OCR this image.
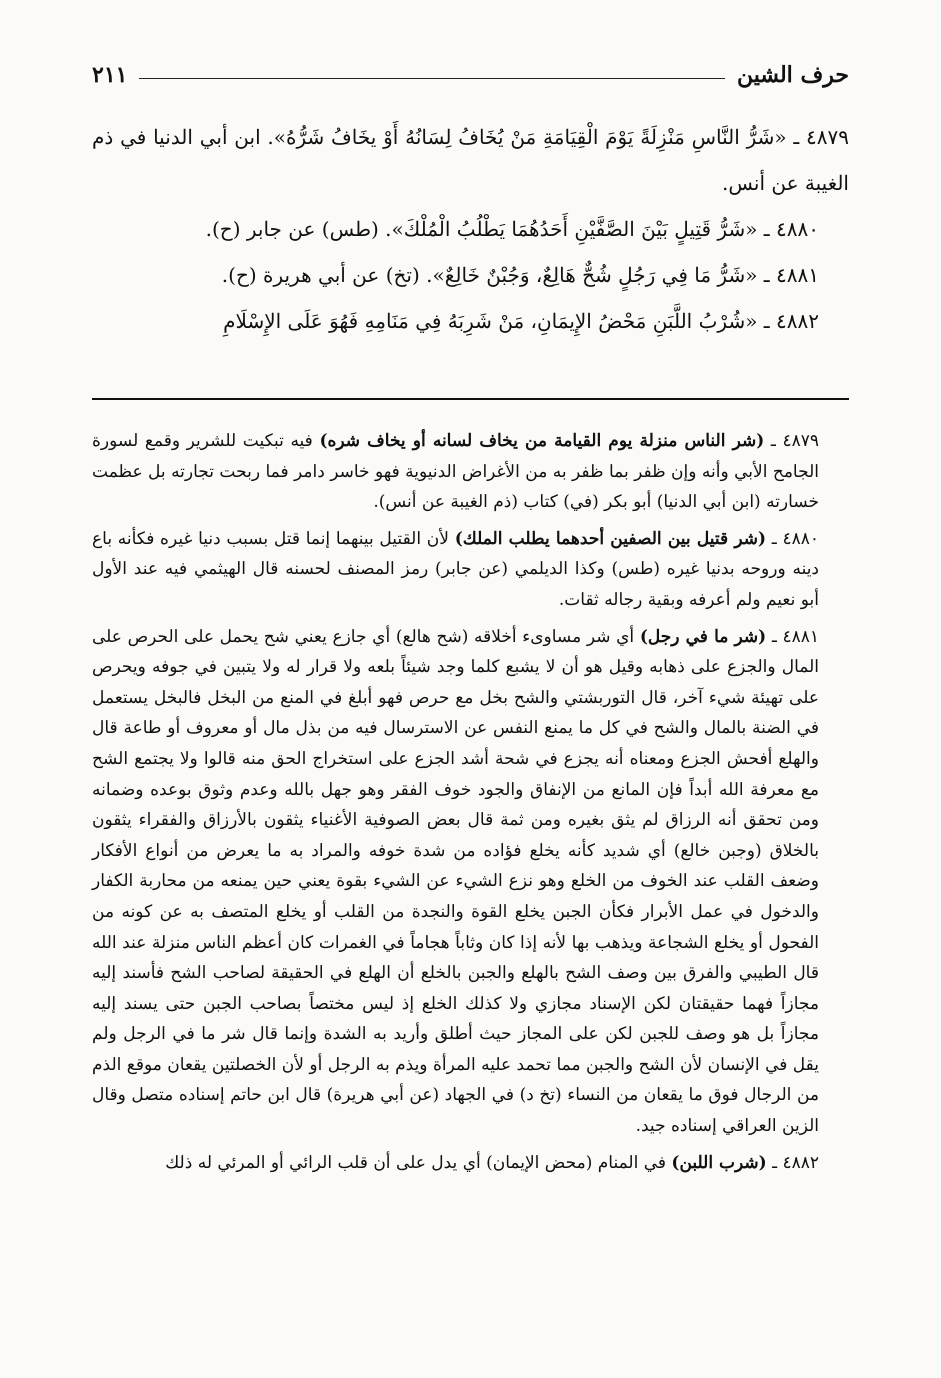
حرف الشين
٢١١

٤٨٧٩ ـ «شَرُّ النَّاسِ مَنْزِلَةً يَوْمَ الْقِيَامَةِ مَنْ يُخَافُ لِسَانُهُ أَوْ يخَافُ شَرُّهُ». ابن أبي الدنيا في ذم الغيبة عن أنس.

٤٨٨٠ ـ «شَرُّ قَتِيلٍ بَيْنَ الصَّفَّيْنِ أَحَدُهُمَا يَطْلُبُ الْمُلْكَ». (طس) عن جابر (ح).

٤٨٨١ ـ «شَرُّ مَا فِي رَجُلٍ شُحٌّ هَالِعٌ، وَجُبْنٌ خَالِعٌ». (تخ) عن أبي هريرة (ح).

٤٨٨٢ ـ «شُرْبُ اللَّبَنِ مَحْضُ الإِيمَانِ، مَنْ شَرِبَهُ فِي مَنَامِهِ فَهُوَ عَلَى الإِسْلَامِ

٤٨٧٩ ـ (شر الناس منزلة يوم القيامة من يخاف لسانه أو يخاف شره) فيه تبكيت للشرير وقمع لسورة الجامح الأبي وأنه وإن ظفر بما ظفر به من الأغراض الدنيوية فهو خاسر دامر فما ربحت تجارته بل عظمت خسارته (ابن أبي الدنيا) أبو بكر (في) كتاب (ذم الغيبة عن أنس).

٤٨٨٠ ـ (شر قتيل بين الصفين أحدهما يطلب الملك) لأن القتيل بينهما إنما قتل بسبب دنيا غيره فكأنه باع دينه وروحه بدنيا غيره (طس) وكذا الديلمي (عن جابر) رمز المصنف لحسنه قال الهيثمي فيه عند الأول أبو نعيم ولم أعرفه وبقية رجاله ثقات.

٤٨٨١ ـ (شر ما في رجل) أي شر مساوىء أخلاقه (شح هالع) أي جازع يعني شح يحمل على الحرص على المال والجزع على ذهابه وقيل هو أن لا يشبع كلما وجد شيئاً بلعه ولا قرار له ولا يتبين في جوفه ويحرص على تهيئة شيء آخر، قال التوربشتي والشح بخل مع حرص فهو أبلغ في المنع من البخل فالبخل يستعمل في الضنة بالمال والشح في كل ما يمنع النفس عن الاسترسال فيه من بذل مال أو معروف أو طاعة قال والهلع أفحش الجزع ومعناه أنه يجزع في شحة أشد الجزع على استخراج الحق منه قالوا ولا يجتمع الشح مع معرفة الله أبداً فإن المانع من الإنفاق والجود خوف الفقر وهو جهل بالله وعدم وثوق بوعده وضمانه ومن تحقق أنه الرزاق لم يثق بغيره ومن ثمة قال بعض الصوفية الأغنياء يثقون بالأرزاق والفقراء يثقون بالخلاق (وجبن خالع) أي شديد كأنه يخلع فؤاده من شدة خوفه والمراد به ما يعرض من أنواع الأفكار وضعف القلب عند الخوف من الخلع وهو نزع الشيء عن الشيء بقوة يعني حين يمنعه من محاربة الكفار والدخول في عمل الأبرار فكأن الجبن يخلع القوة والنجدة من القلب أو يخلع المتصف به عن كونه من الفحول أو يخلع الشجاعة ويذهب بها لأنه إذا كان وثاباً هجاماً في الغمرات كان أعظم الناس منزلة عند الله قال الطيبي والفرق بين وصف الشح بالهلع والجبن بالخلع أن الهلع في الحقيقة لصاحب الشح فأسند إليه مجازاً فهما حقيقتان لكن الإسناد مجازي ولا كذلك الخلع إذ ليس مختصاً بصاحب الجبن حتى يسند إليه مجازاً بل هو وصف للجبن لكن على المجاز حيث أطلق وأريد به الشدة وإنما قال شر ما في الرجل ولم يقل في الإنسان لأن الشح والجبن مما تحمد عليه المرأة ويذم به الرجل أو لأن الخصلتين يقعان موقع الذم من الرجال فوق ما يقعان من النساء (تخ د) في الجهاد (عن أبي هريرة) قال ابن حاتم إسناده متصل وقال الزين العراقي إسناده جيد.

٤٨٨٢ ـ (شرب اللبن) في المنام (محض الإيمان) أي يدل على أن قلب الرائي أو المرئي له ذلك
